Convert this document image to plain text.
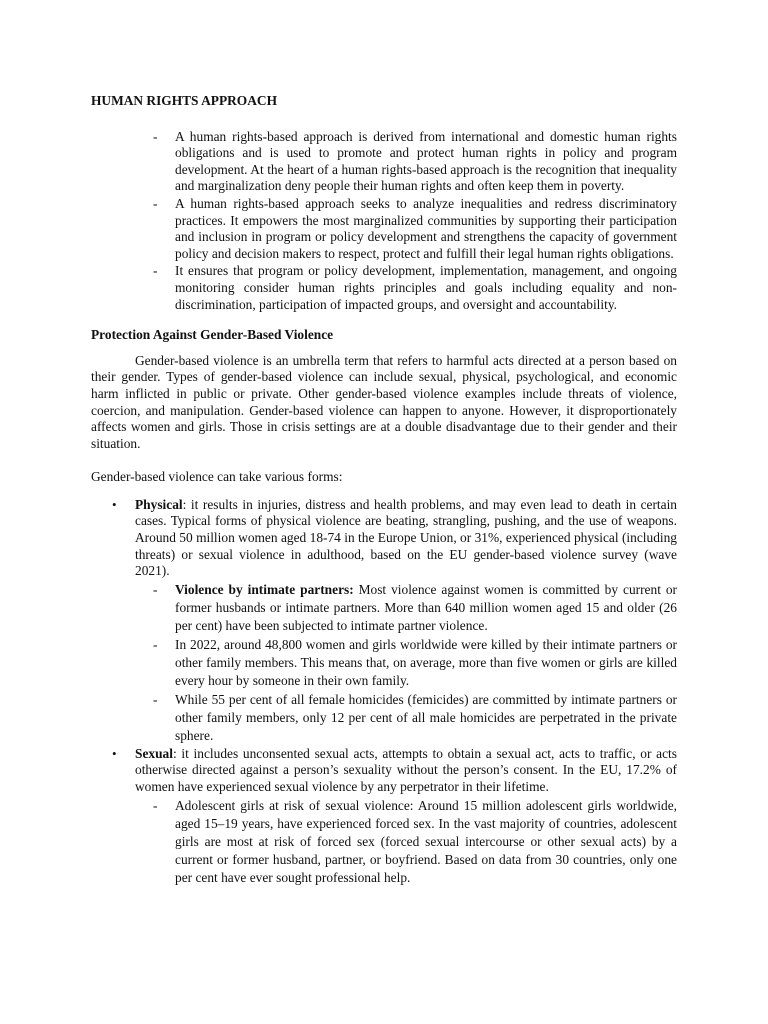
HUMAN RIGHTS APPROACH
- A human rights-based approach is derived from international and domestic human rights obligations and is used to promote and protect human rights in policy and program development. At the heart of a human rights-based approach is the recognition that inequality and marginalization deny people their human rights and often keep them in poverty.
- A human rights-based approach seeks to analyze inequalities and redress discriminatory practices. It empowers the most marginalized communities by supporting their participation and inclusion in program or policy development and strengthens the capacity of government policy and decision makers to respect, protect and fulfill their legal human rights obligations.
- It ensures that program or policy development, implementation, management, and ongoing monitoring consider human rights principles and goals including equality and non-discrimination, participation of impacted groups, and oversight and accountability.
Protection Against Gender-Based Violence

Gender-based violence is an umbrella term that refers to harmful acts directed at a person based on their gender. Types of gender-based violence can include sexual, physical, psychological, and economic harm inflicted in public or private. Other gender-based violence examples include threats of violence, coercion, and manipulation. Gender-based violence can happen to anyone. However, it disproportionately affects women and girls. Those in crisis settings are at a double disadvantage due to their gender and their situation.

Gender-based violence can take various forms:

• Physical: it results in injuries, distress and health problems, and may even lead to death in certain cases. Typical forms of physical violence are beating, strangling, pushing, and the use of weapons. Around 50 million women aged 18-74 in the Europe Union, or 31%, experienced physical (including threats) or sexual violence in adulthood, based on the EU gender-based violence survey (wave 2021).
- Violence by intimate partners: Most violence against women is committed by current or former husbands or intimate partners. More than 640 million women aged 15 and older (26 per cent) have been subjected to intimate partner violence.
- In 2022, around 48,800 women and girls worldwide were killed by their intimate partners or other family members. This means that, on average, more than five women or girls are killed every hour by someone in their own family.
- While 55 per cent of all female homicides (femicides) are committed by intimate partners or other family members, only 12 per cent of all male homicides are perpetrated in the private sphere.
• Sexual: it includes unconsented sexual acts, attempts to obtain a sexual act, acts to traffic, or acts otherwise directed against a person’s sexuality without the person’s consent. In the EU, 17.2% of women have experienced sexual violence by any perpetrator in their lifetime.
- Adolescent girls at risk of sexual violence: Around 15 million adolescent girls worldwide, aged 15–19 years, have experienced forced sex. In the vast majority of countries, adolescent girls are most at risk of forced sex (forced sexual intercourse or other sexual acts) by a current or former husband, partner, or boyfriend. Based on data from 30 countries, only one per cent have ever sought professional help.
